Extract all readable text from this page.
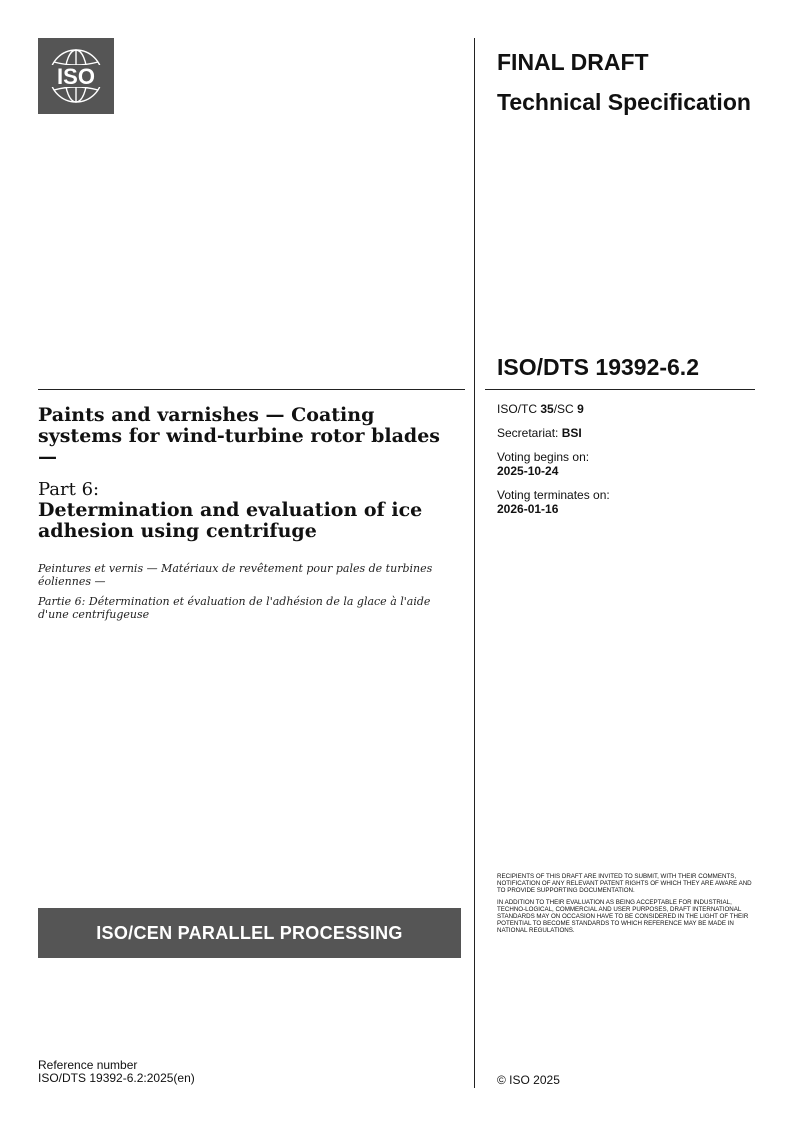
ISO
FINAL DRAFT
Technical Specification
ISO/DTS 19392-6.2
Paints and varnishes — Coating systems for wind-turbine rotor blades —
Part 6:
Determination and evaluation of ice adhesion using centrifuge
Peintures et vernis — Matériaux de revêtement pour pales de turbines éoliennes —
Partie 6: Détermination et évaluation de l'adhésion de la glace à l'aide d'une centrifugeuse
ISO/TC 35/SC 9
Secretariat: BSI
Voting begins on:
2025-10-24
Voting terminates on:
2026-01-16

RECIPIENTS OF THIS DRAFT ARE INVITED TO SUBMIT, WITH THEIR COMMENTS, NOTIFICATION OF ANY RELEVANT PATENT RIGHTS OF WHICH THEY ARE AWARE AND TO PROVIDE SUPPORTING DOCUMENTATION.

IN ADDITION TO THEIR EVALUATION AS BEING ACCEPTABLE FOR INDUSTRIAL, TECHNO-LOGICAL, COMMERCIAL AND USER PURPOSES, DRAFT INTERNATIONAL STANDARDS MAY ON OCCASION HAVE TO BE CONSIDERED IN THE LIGHT OF THEIR POTENTIAL TO BECOME STANDARDS TO WHICH REFERENCE MAY BE MADE IN NATIONAL REGULATIONS.

ISO/CEN PARALLEL PROCESSING
Reference number
ISO/DTS 19392-6.2:2025(en)	© ISO 2025
